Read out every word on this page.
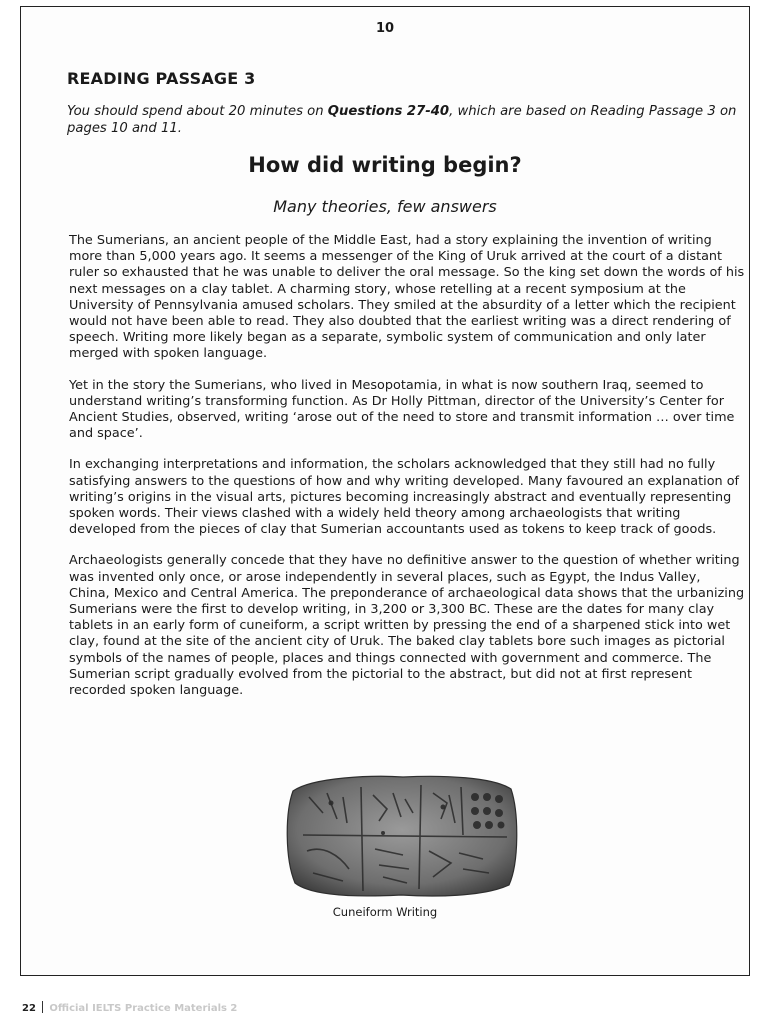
10
READING PASSAGE 3
You should spend about 20 minutes on Questions 27-40, which are based on Reading Passage 3 on pages 10 and 11.
How did writing begin?
Many theories, few answers

The Sumerians, an ancient people of the Middle East, had a story explaining the invention of writing more than 5,000 years ago. It seems a messenger of the King of Uruk arrived at the court of a distant ruler so exhausted that he was unable to deliver the oral message. So the king set down the words of his next messages on a clay tablet. A charming story, whose retelling at a recent symposium at the University of Pennsylvania amused scholars. They smiled at the absurdity of a letter which the recipient would not have been able to read. They also doubted that the earliest writing was a direct rendering of speech. Writing more likely began as a separate, symbolic system of communication and only later merged with spoken language.

Yet in the story the Sumerians, who lived in Mesopotamia, in what is now southern Iraq, seemed to understand writing’s transforming function. As Dr Holly Pittman, director of the University’s Center for Ancient Studies, observed, writing ‘arose out of the need to store and transmit information … over time and space’.

In exchanging interpretations and information, the scholars acknowledged that they still had no fully satisfying answers to the questions of how and why writing developed. Many favoured an explanation of writing’s origins in the visual arts, pictures becoming increasingly abstract and eventually representing spoken words. Their views clashed with a widely held theory among archaeologists that writing developed from the pieces of clay that Sumerian accountants used as tokens to keep track of goods.

Archaeologists generally concede that they have no definitive answer to the question of whether writing was invented only once, or arose independently in several places, such as Egypt, the Indus Valley, China, Mexico and Central America. The preponderance of archaeological data shows that the urbanizing Sumerians were the first to develop writing, in 3,200 or 3,300 BC. These are the dates for many clay tablets in an early form of cuneiform, a script written by pressing the end of a sharpened stick into wet clay, found at the site of the ancient city of Uruk. The baked clay tablets bore such images as pictorial symbols of the names of people, places and things connected with government and commerce. The Sumerian script gradually evolved from the pictorial to the abstract, but did not at first represent recorded spoken language.

Cuneiform Writing
22 Official IELTS Practice Materials 2
